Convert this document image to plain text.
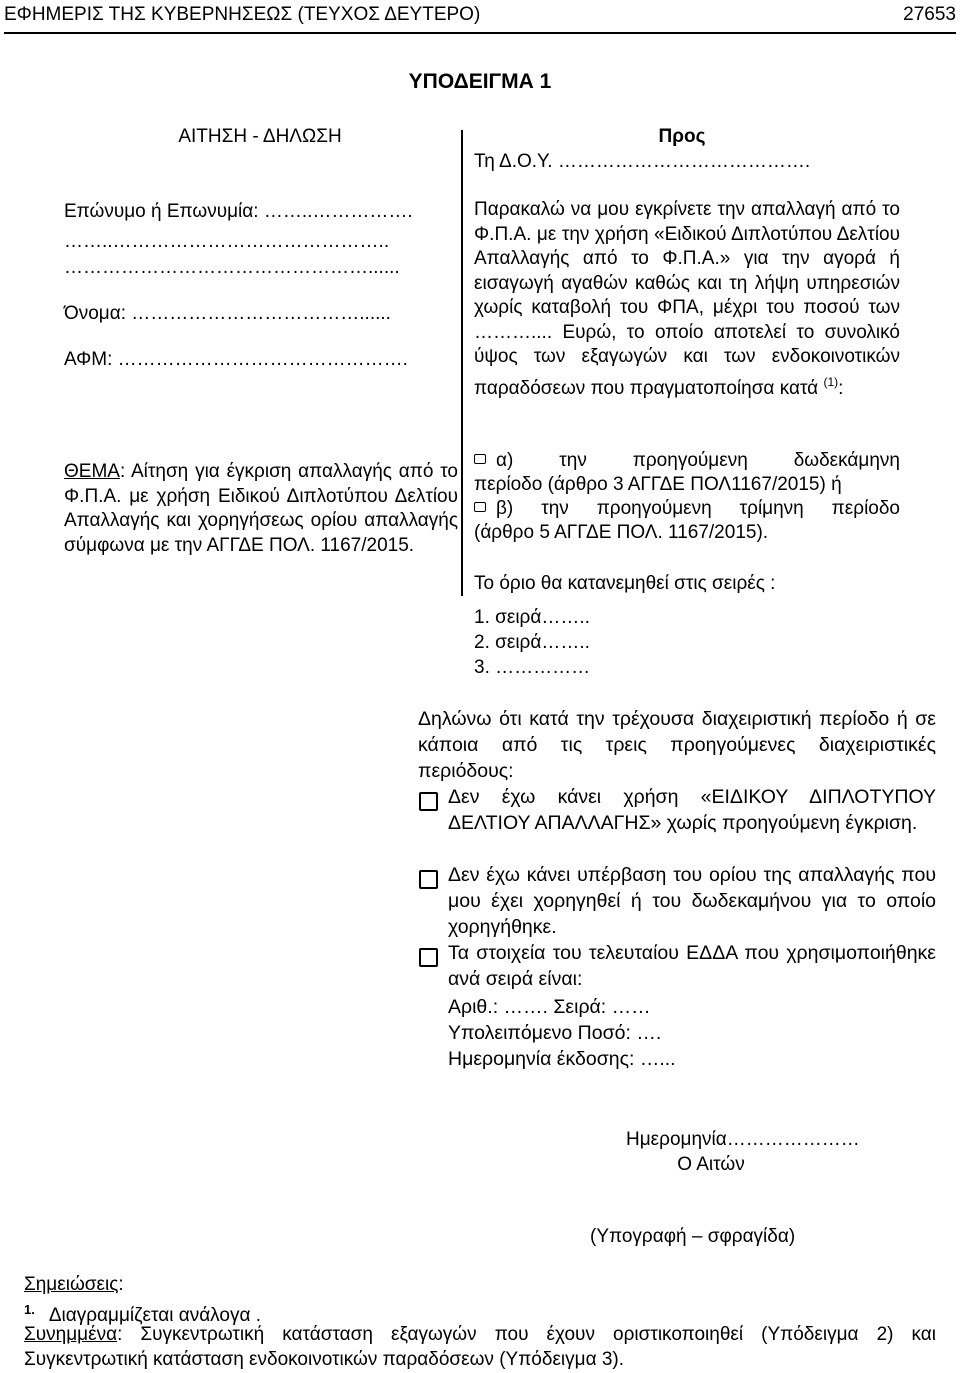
ΕΦΗΜΕΡΙΣ ΤΗΣ ΚΥΒΕΡΝΗΣΕΩΣ (ΤΕΥΧΟΣ ΔΕΥΤΕΡΟ)	27653
ΥΠΟΔΕΙΓΜΑ 1
ΑΙΤΗΣΗ - ΔΗΛΩΣΗ
Επώνυμο ή Επωνυμία: ……..…………….
……..……………………………………..
…………………………………………......
Όνομα: ………………………………......
ΑΦΜ: ……………………………………….
ΘΕΜΑ: Αίτηση για έγκριση απαλλαγής από το Φ.Π.Α. με χρήση Ειδικού Διπλοτύπου Δελτίου Απαλλαγής και χορηγήσεως ορίου απαλλαγής σύμφωνα με την ΑΓΓΔΕ ΠΟΛ. 1167/2015.
Προς
Τη Δ.Ο.Υ. ………………………………….
Παρακαλώ να μου εγκρίνετε την απαλλαγή από το Φ.Π.Α. με την χρήση «Ειδικού Διπλοτύπου Δελτίου Απαλλαγής από το Φ.Π.Α.» για την αγορά ή εισαγωγή αγαθών καθώς και τη λήψη υπηρεσιών χωρίς καταβολή του ΦΠΑ, μέχρι του ποσού των ……….... Ευρώ, το οποίο αποτελεί το συνολικό ύψος των εξαγωγών και των ενδοκοινοτικών παραδόσεων που πραγματοποίησα κατά $^{(1)}$:
α) την προηγούμενη δωδεκάμηνη
περίοδο (άρθρο 3 ΑΓΓΔΕ ΠΟΛ1167/2015) ή
β) την προηγούμενη τρίμηνη περίοδο
(άρθρο 5 ΑΓΓΔΕ ΠΟΛ. 1167/2015).
Το όριο θα κατανεμηθεί στις σειρές :
1. σειρά……..
2. σειρά……..
3. ……………
Δηλώνω ότι κατά την τρέχουσα διαχειριστική περίοδο ή σε κάποια από τις τρεις προηγούμενες διαχειριστικές περιόδους:
Δεν έχω κάνει χρήση «ΕΙΔΙΚΟΥ ΔΙΠΛΟΤΥΠΟΥ ΔΕΛΤΙΟΥ ΑΠΑΛΛΑΓΗΣ» χωρίς προηγούμενη έγκριση.
Δεν έχω κάνει υπέρβαση του ορίου της απαλλαγής που μου έχει χορηγηθεί ή του δωδεκαμήνου για το οποίο χορηγήθηκε.
Τα στοιχεία του τελευταίου ΕΔΔΑ που χρησιμοποιήθηκε ανά σειρά είναι:
Αριθ.: ……. Σειρά: ……
Υπολειπόμενο Ποσό: ….
Ημερομηνία έκδοσης: …...
Ημερομηνία…………………
Ο Αιτών
(Υπογραφή – σφραγίδα)
Σημειώσεις:
$^{1.}$ Διαγραμμίζεται ανάλογα .
Συνημμένα: Συγκεντρωτική κατάσταση εξαγωγών που έχουν οριστικοποιηθεί (Υπόδειγμα 2) και Συγκεντρωτική κατάσταση ενδοκοινοτικών παραδόσεων (Υπόδειγμα 3).
